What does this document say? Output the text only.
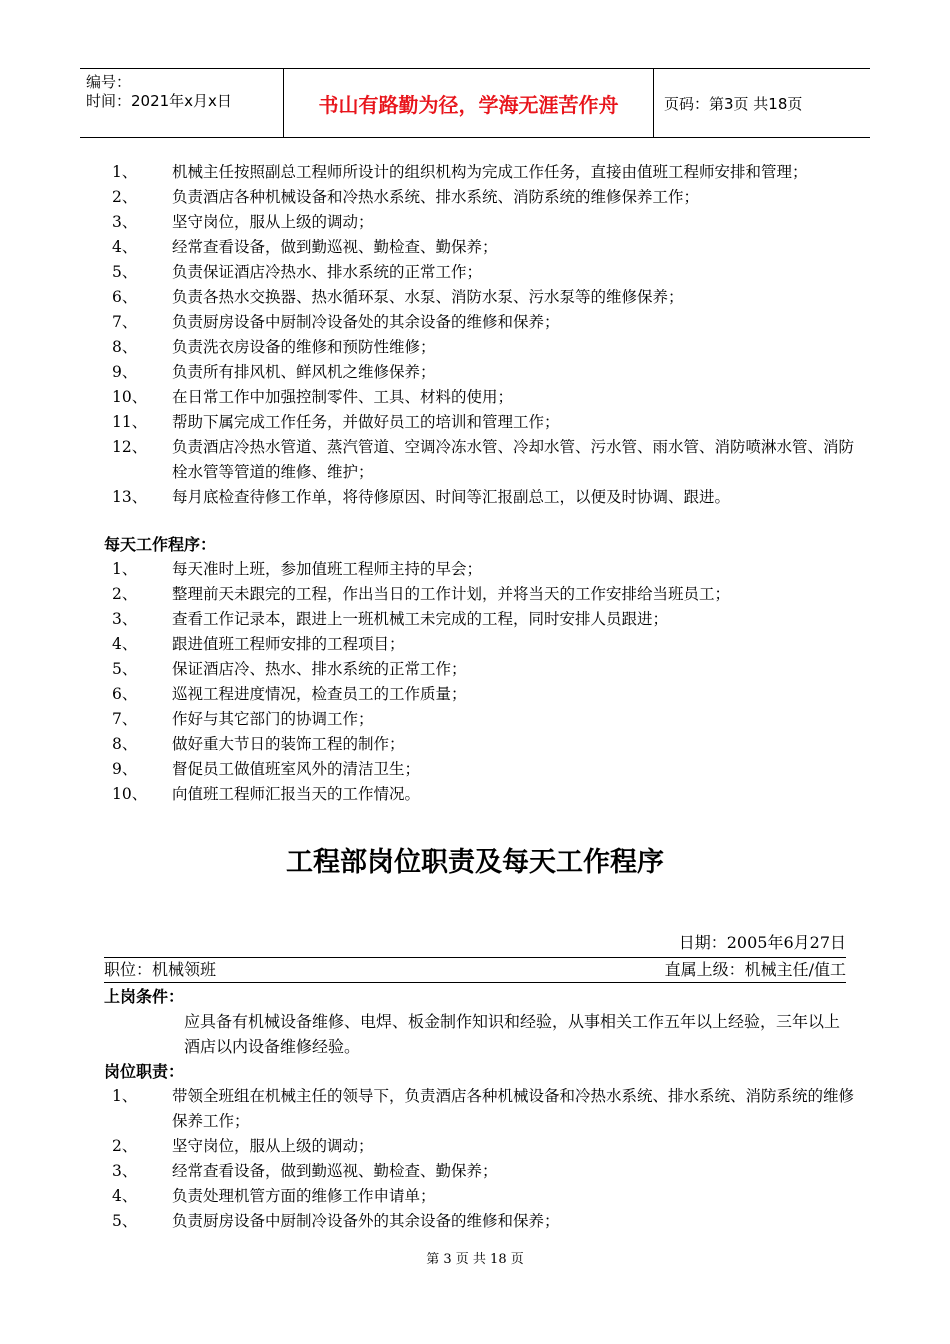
编号：
时间：2021年x月x日	书山有路勤为径，学海无涯苦作舟	页码：第3页 共18页
1、 机械主任按照副总工程师所设计的组织机构为完成工作任务，直接由值班工程师安排和管理；
2、 负责酒店各种机械设备和冷热水系统、排水系统、消防系统的维修保养工作；
3、 坚守岗位，服从上级的调动；
4、 经常查看设备，做到勤巡视、勤检查、勤保养；
5、 负责保证酒店冷热水、排水系统的正常工作；
6、 负责各热水交换器、热水循环泵、水泵、消防水泵、污水泵等的维修保养；
7、 负责厨房设备中厨制冷设备处的其余设备的维修和保养；
8、 负责洗衣房设备的维修和预防性维修；
9、 负责所有排风机、鲜风机之维修保养；
10、 在日常工作中加强控制零件、工具、材料的使用；
11、 帮助下属完成工作任务，并做好员工的培训和管理工作；
12、 负责酒店冷热水管道、蒸汽管道、空调冷冻水管、冷却水管、污水管、雨水管、消防喷淋水管、消防栓水管等管道的维修、维护；
13、 每月底检查待修工作单，将待修原因、时间等汇报副总工，以便及时协调、跟进。
每天工作程序：
1、 每天准时上班，参加值班工程师主持的早会；
2、 整理前天未跟完的工程，作出当日的工作计划，并将当天的工作安排给当班员工；
3、 查看工作记录本，跟进上一班机械工未完成的工程，同时安排人员跟进；
4、 跟进值班工程师安排的工程项目；
5、 保证酒店冷、热水、排水系统的正常工作；
6、 巡视工程进度情况，检查员工的工作质量；
7、 作好与其它部门的协调工作；
8、 做好重大节日的装饰工程的制作；
9、 督促员工做值班室风外的清洁卫生；
10、 向值班工程师汇报当天的工作情况。
工程部岗位职责及每天工作程序
日期：2005年6月27日
职位：机械领班	直属上级：机械主任/值工
上岗条件：
应具备有机械设备维修、电焊、板金制作知识和经验，从事相关工作五年以上经验，三年以上酒店以内设备维修经验。
岗位职责：
1、 带领全班组在机械主任的领导下，负责酒店各种机械设备和冷热水系统、排水系统、消防系统的维修保养工作；
2、 坚守岗位，服从上级的调动；
3、 经常查看设备，做到勤巡视、勤检查、勤保养；
4、 负责处理机管方面的维修工作申请单；
5、 负责厨房设备中厨制冷设备外的其余设备的维修和保养；
第 3 页 共 18 页
